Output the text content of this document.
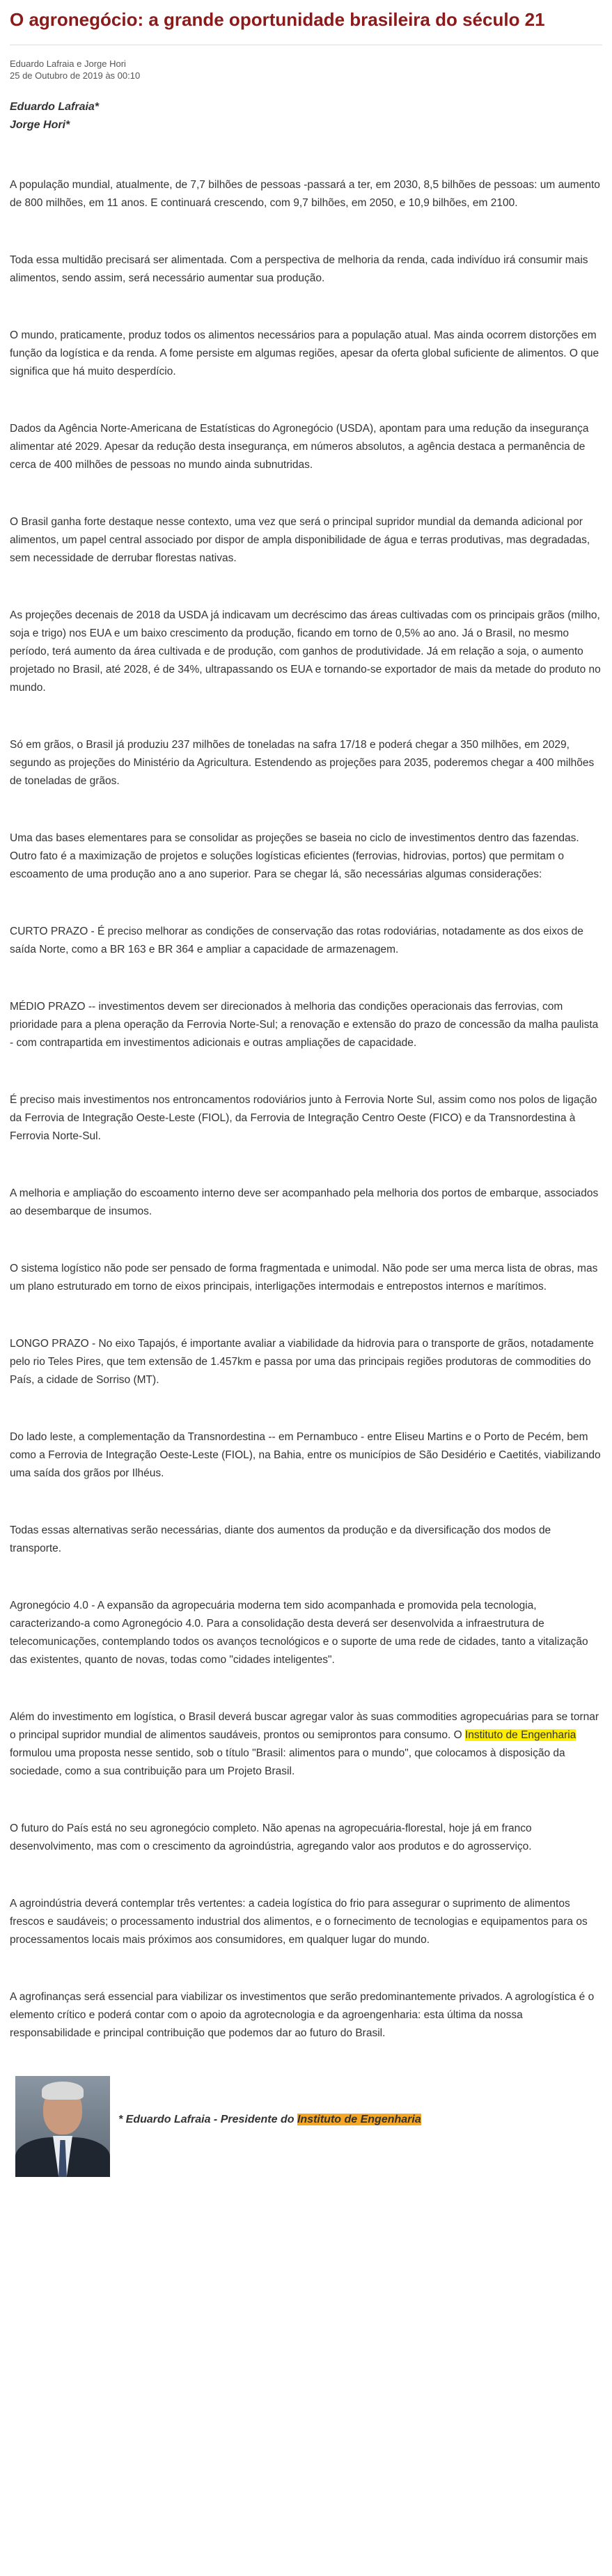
O agronegócio: a grande oportunidade brasileira do século 21
Eduardo Lafraia e Jorge Hori
25 de Outubro de 2019 às 00:10

Eduardo Lafraia*

Jorge Hori*

A população mundial, atualmente, de 7,7 bilhões de pessoas -passará a ter, em 2030, 8,5 bilhões de pessoas: um aumento de 800 milhões, em 11 anos. E continuará crescendo, com 9,7 bilhões, em 2050, e 10,9 bilhões, em 2100.

Toda essa multidão precisará ser alimentada. Com a perspectiva de melhoria da renda, cada indivíduo irá consumir mais alimentos, sendo assim, será necessário aumentar sua produção.

O mundo, praticamente, produz todos os alimentos necessários para a população atual. Mas ainda ocorrem distorções em função da logística e da renda. A fome persiste em algumas regiões, apesar da oferta global suficiente de alimentos. O que significa que há muito desperdício.

Dados da Agência Norte-Americana de Estatísticas do Agronegócio (USDA), apontam para uma redução da insegurança alimentar até 2029. Apesar da redução desta insegurança, em números absolutos, a agência destaca a permanência de cerca de 400 milhões de pessoas no mundo ainda subnutridas.

O Brasil ganha forte destaque nesse contexto, uma vez que será o principal supridor mundial da demanda adicional por alimentos, um papel central associado por dispor de ampla disponibilidade de água e terras produtivas, mas degradadas, sem necessidade de derrubar florestas nativas.

As projeções decenais de 2018 da USDA já indicavam um decréscimo das áreas cultivadas com os principais grãos (milho, soja e trigo) nos EUA e um baixo crescimento da produção, ficando em torno de 0,5% ao ano. Já o Brasil, no mesmo período, terá aumento da área cultivada e de produção, com ganhos de produtividade. Já em relação a soja, o aumento projetado no Brasil, até 2028, é de 34%, ultrapassando os EUA e tornando-se exportador de mais da metade do produto no mundo.

Só em grãos, o Brasil já produziu 237 milhões de toneladas na safra 17/18 e poderá chegar a 350 milhões, em 2029, segundo as projeções do Ministério da Agricultura. Estendendo as projeções para 2035, poderemos chegar a 400 milhões de toneladas de grãos.

Uma das bases elementares para se consolidar as projeções se baseia no ciclo de investimentos dentro das fazendas. Outro fato é a maximização de projetos e soluções logísticas eficientes (ferrovias, hidrovias, portos) que permitam o escoamento de uma produção ano a ano superior. Para se chegar lá, são necessárias algumas considerações:

CURTO PRAZO - É preciso melhorar as condições de conservação das rotas rodoviárias, notadamente as dos eixos de saída Norte, como a BR 163 e BR 364 e ampliar a capacidade de armazenagem.

MÉDIO PRAZO -- investimentos devem ser direcionados à melhoria das condições operacionais das ferrovias, com prioridade para a plena operação da Ferrovia Norte-Sul; a renovação e extensão do prazo de concessão da malha paulista - com contrapartida em investimentos adicionais e outras ampliações de capacidade.

É preciso mais investimentos nos entroncamentos rodoviários junto à Ferrovia Norte Sul, assim como nos polos de ligação da Ferrovia de Integração Oeste-Leste (FIOL), da Ferrovia de Integração Centro Oeste (FICO) e da Transnordestina à Ferrovia Norte-Sul.

A melhoria e ampliação do escoamento interno deve ser acompanhado pela melhoria dos portos de embarque, associados ao desembarque de insumos.

O sistema logístico não pode ser pensado de forma fragmentada e unimodal. Não pode ser uma merca lista de obras, mas um plano estruturado em torno de eixos principais, interligações intermodais e entrepostos internos e marítimos.

LONGO PRAZO - No eixo Tapajós, é importante avaliar a viabilidade da hidrovia para o transporte de grãos, notadamente pelo rio Teles Pires, que tem extensão de 1.457km e passa por uma das principais regiões produtoras de commodities do País, a cidade de Sorriso (MT).

Do lado leste, a complementação da Transnordestina -- em Pernambuco - entre Eliseu Martins e o Porto de Pecém, bem como a Ferrovia de Integração Oeste-Leste (FIOL), na Bahia, entre os municípios de São Desidério e Caetités, viabilizando uma saída dos grãos por Ilhéus.

Todas essas alternativas serão necessárias, diante dos aumentos da produção e da diversificação dos modos de transporte.

Agronegócio 4.0 - A expansão da agropecuária moderna tem sido acompanhada e promovida pela tecnologia, caracterizando-a como Agronegócio 4.0. Para a consolidação desta deverá ser desenvolvida a infraestrutura de telecomunicações, contemplando todos os avanços tecnológicos e o suporte de uma rede de cidades, tanto a vitalização das existentes, quanto de novas, todas como "cidades inteligentes".

Além do investimento em logística, o Brasil deverá buscar agregar valor às suas commodities agropecuárias para se tornar o principal supridor mundial de alimentos saudáveis, prontos ou semiprontos para consumo. O Instituto de Engenharia formulou uma proposta nesse sentido, sob o título "Brasil: alimentos para o mundo", que colocamos à disposição da sociedade, como a sua contribuição para um Projeto Brasil.

O futuro do País está no seu agronegócio completo. Não apenas na agropecuária-florestal, hoje já em franco desenvolvimento, mas com o crescimento da agroindústria, agregando valor aos produtos e do agrosserviço.

A agroindústria deverá contemplar três vertentes: a cadeia logística do frio para assegurar o suprimento de alimentos frescos e saudáveis; o processamento industrial dos alimentos, e o fornecimento de tecnologias e equipamentos para os processamentos locais mais próximos aos consumidores, em qualquer lugar do mundo.

A agrofinanças será essencial para viabilizar os investimentos que serão predominantemente privados. A agrologística é o elemento crítico e poderá contar com o apoio da agrotecnologia e da agroengenharia: esta última da nossa responsabilidade e principal contribuição que podemos dar ao futuro do Brasil.

* Eduardo Lafraia - Presidente do Instituto de Engenharia
